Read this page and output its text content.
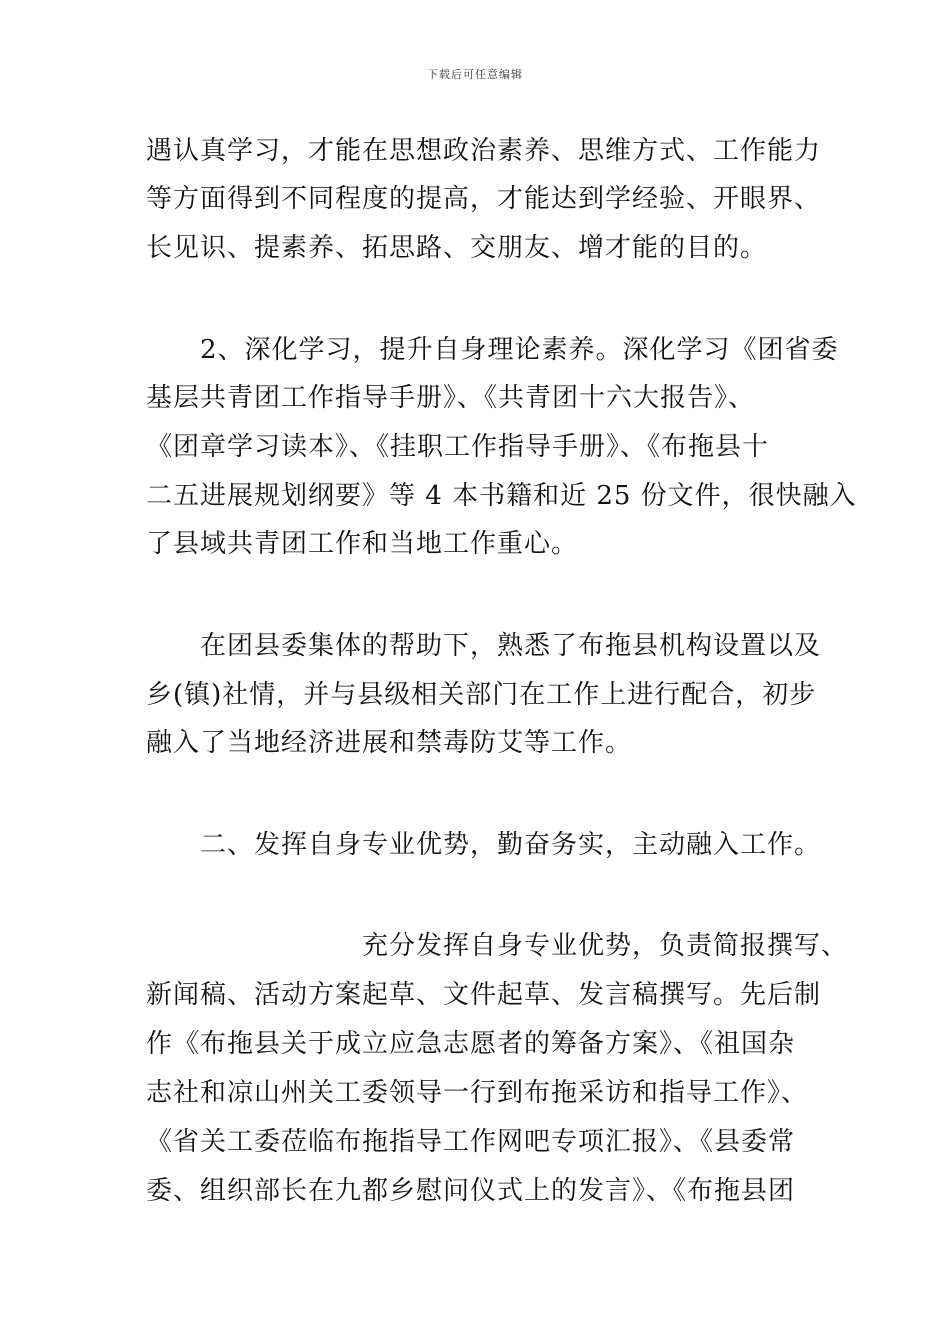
下载后可任意编辑
遇认真学习，才能在思想政治素养、思维方式、工作能力
等方面得到不同程度的提高，才能达到学经验、开眼界、
长见识、提素养、拓思路、交朋友、增才能的目的。
　　2、深化学习，提升自身理论素养。深化学习《团省委
基层共青团工作指导手册》、《共青团十六大报告》、
《团章学习读本》、《挂职工作指导手册》、《布拖县十
二五进展规划纲要》等 4 本书籍和近 25 份文件，很快融入
了县域共青团工作和当地工作重心。
　　在团县委集体的帮助下，熟悉了布拖县机构设置以及
乡(镇)社情，并与县级相关部门在工作上进行配合，初步
融入了当地经济进展和禁毒防艾等工作。
　　二、发挥自身专业优势，勤奋务实，主动融入工作。
　　　　　　　　充分发挥自身专业优势，负责简报撰写、
新闻稿、活动方案起草、文件起草、发言稿撰写。先后制
作《布拖县关于成立应急志愿者的筹备方案》、《祖国杂
志社和凉山州关工委领导一行到布拖采访和指导工作》、
《省关工委莅临布拖指导工作网吧专项汇报》、《县委常
委、组织部长在九都乡慰问仪式上的发言》、《布拖县团
